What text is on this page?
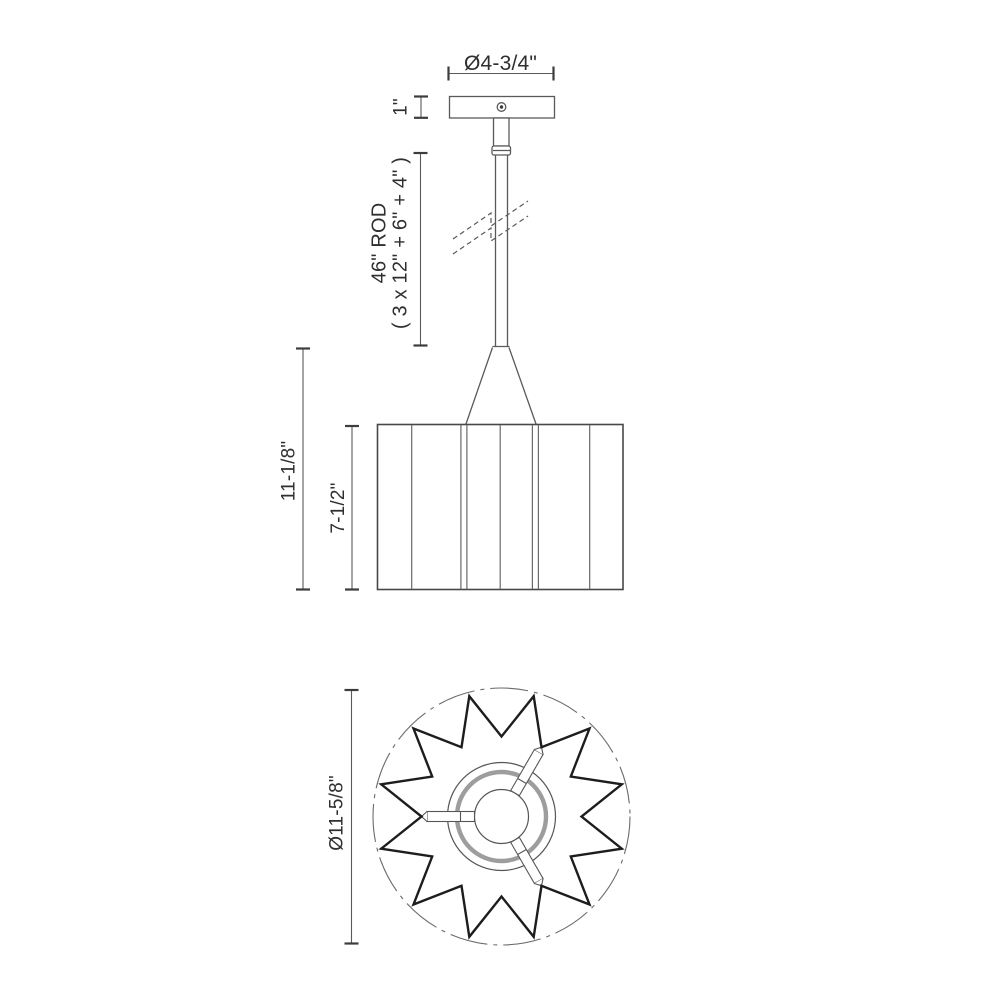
Ø4-3/4"
1"
46" ROD ( 3 x 12" + 6" + 4" )
11-1/8"
7-1/2"
Ø11-5/8"
